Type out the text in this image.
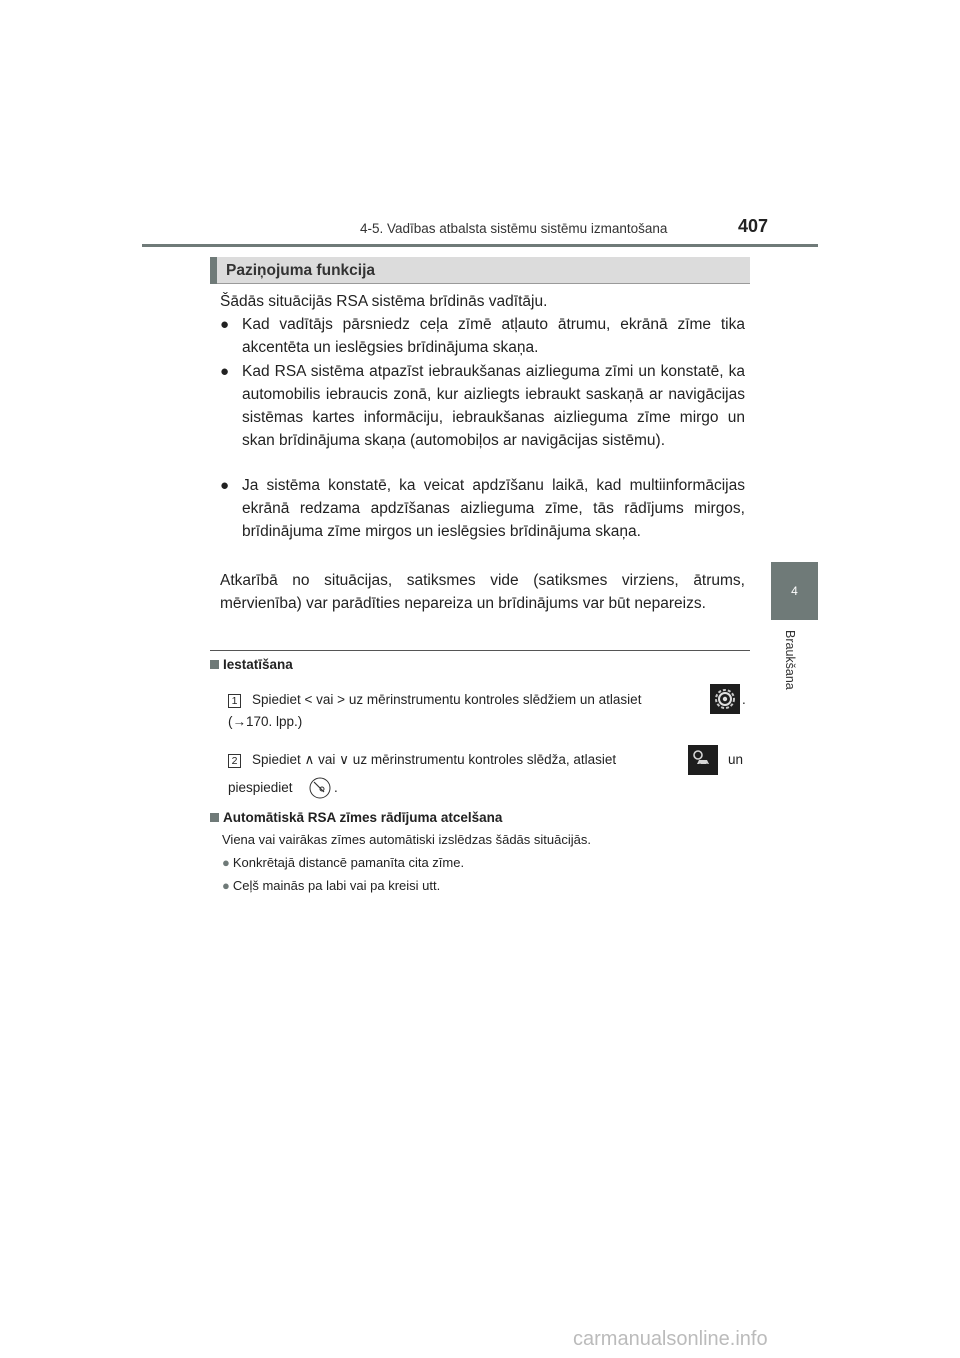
4-5. Vadības atbalsta sistēmu sistēmu izmantošana	407
4
Braukšana
Paziņojuma funkcija
Šādās situācijās RSA sistēma brīdinās vadītāju.
● Kad vadītājs pārsniedz ceļa zīmē atļauto ātrumu, ekrānā zīme tika akcentēta un ieslēgsies brīdinājuma skaņa.
● Kad RSA sistēma atpazīst iebraukšanas aizlieguma zīmi un konstatē, ka automobilis iebraucis zonā, kur aizliegts iebraukt saskaņā ar navigācijas sistēmas kartes informāciju, iebraukšanas aizlieguma zīme mirgo un skan brīdinājuma skaņa (automobiļos ar navigācijas sistēmu).
● Ja sistēma konstatē, ka veicat apdzīšanu laikā, kad multiinformācijas ekrānā redzama apdzīšanas aizlieguma zīme, tās rādījums mirgos, brīdinājuma zīme mirgos un ieslēgsies brīdinājuma skaņa.
Atkarībā no situācijas, satiksmes vide (satiksmes virziens, ātrums, mērvienība) var parādīties nepareiza un brīdinājums var būt nepareizs.
Iestatīšana
1 Spiediet < vai > uz mērinstrumentu kontroles slēdžiem un atlasiet	.
(→170. lpp.)
2 Spiediet ∧ vai ∨ uz mērinstrumentu kontroles slēdža, atlasiet	un
piespiediet	.
Automātiskā RSA zīmes rādījuma atcelšana
Viena vai vairākas zīmes automātiski izslēdzas šādās situācijās.
● Konkrētajā distancē pamanīta cita zīme.
● Ceļš mainās pa labi vai pa kreisi utt.
carmanualsonline.info
